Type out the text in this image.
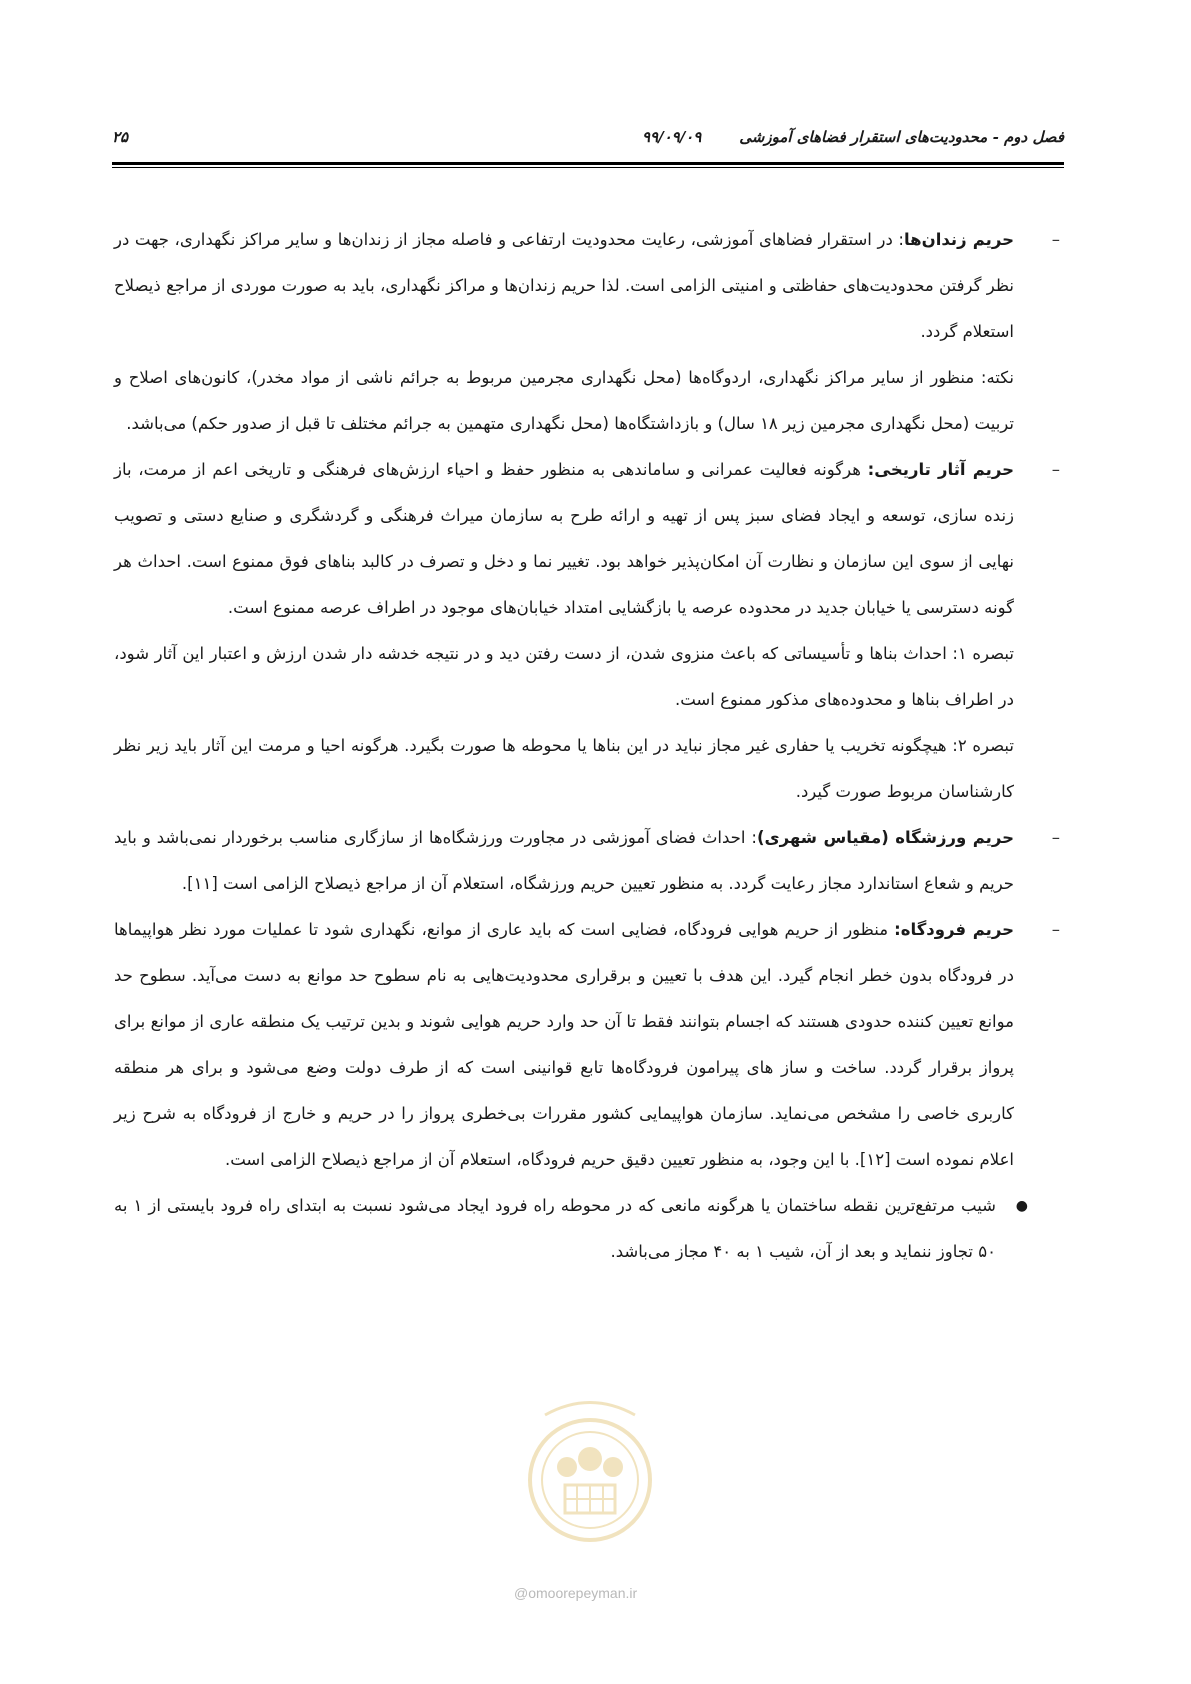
فصل دوم - محدودیت‌های استقرار فضاهای آموزشی
۹۹/۰۹/۰۹
۲۵

–
حریم زندان‌ها: در استقرار فضاهای آموزشی، رعایت محدودیت ارتفاعی و فاصله مجاز از زندان‌ها و سایر مراکز نگهداری، جهت در نظر گرفتن محدودیت‌های حفاظتی و امنیتی الزامی است. لذا حریم زندان‌ها و مراکز نگهداری، باید به صورت موردی از مراجع ذیصلاح استعلام گردد.

نکته: منظور از سایر مراکز نگهداری، اردوگاه‌ها (محل نگهداری مجرمین مربوط به جرائم ناشی از مواد مخدر)، کانون‌های اصلاح و تربیت (محل نگهداری مجرمین زیر ۱۸ سال) و بازداشتگاه‌ها (محل نگهداری متهمین به جرائم مختلف تا قبل از صدور حکم) می‌باشد.

–
حریم آثار تاریخی: هرگونه فعالیت عمرانی و ساماندهی به منظور حفظ و احیاء ارزش‌های فرهنگی و تاریخی اعم از مرمت، باز زنده سازی، توسعه و ایجاد فضای سبز پس از تهیه و ارائه طرح به سازمان میراث فرهنگی و گردشگری و صنایع دستی و تصویب نهایی از سوی این سازمان و نظارت آن امکان‌پذیر خواهد بود. تغییر نما و دخل و تصرف در کالبد بناهای فوق ممنوع است. احداث هر گونه دسترسی یا خیابان جدید در محدوده عرصه یا بازگشایی امتداد خیابان‌های موجود در اطراف عرصه ممنوع است.

تبصره ۱: احداث بناها و تأسیساتی که باعث منزوی شدن، از دست رفتن دید و در نتیجه خدشه دار شدن ارزش و اعتبار این آثار شود، در اطراف بناها و محدوده‌های مذکور ممنوع است.

تبصره ۲: هیچگونه تخریب یا حفاری غیر مجاز نباید در این بناها یا محوطه ها صورت بگیرد. هرگونه احیا و مرمت این آثار باید زیر نظر کارشناسان مربوط صورت گیرد.

–
حریم ورزشگاه (مقیاس شهری): احداث فضای آموزشی در مجاورت ورزشگاه‌ها از سازگاری مناسب برخوردار نمی‌باشد و باید حریم و شعاع استاندارد مجاز رعایت گردد. به منظور تعیین حریم ورزشگاه، استعلام آن از مراجع ذیصلاح الزامی است [۱۱].

–
حریم فرودگاه: منظور از حریم هوایی فرودگاه، فضایی است که باید عاری از موانع، نگهداری شود تا عملیات مورد نظر هواپیماها در فرودگاه بدون خطر انجام گیرد. این هدف با تعیین و برقراری محدودیت‌هایی به نام سطوح حد موانع به دست می‌آید. سطوح حد موانع تعیین کننده حدودی هستند که اجسام بتوانند فقط تا آن حد وارد حریم هوایی شوند و بدین ترتیب یک منطقه عاری از موانع برای پرواز برقرار گردد. ساخت و ساز های پیرامون فرودگاه‌ها تابع قوانینی است که از طرف دولت وضع می‌شود و برای هر منطقه کاربری خاصی را مشخص می‌نماید. سازمان هواپیمایی کشور مقررات بی‌خطری پرواز را در حریم و خارج از فرودگاه به شرح زیر اعلام نموده است [۱۲]. با این وجود، به منظور تعیین دقیق حریم فرودگاه، استعلام آن از مراجع ذیصلاح الزامی است.

●
شیب مرتفع‌ترین نقطه ساختمان یا هرگونه مانعی که در محوطه راه فرود ایجاد می‌شود نسبت به ابتدای راه فرود بایستی از ۱ به ۵۰ تجاوز ننماید و بعد از آن، شیب ۱ به ۴۰ مجاز می‌باشد.

@omoorepeyman.ir
